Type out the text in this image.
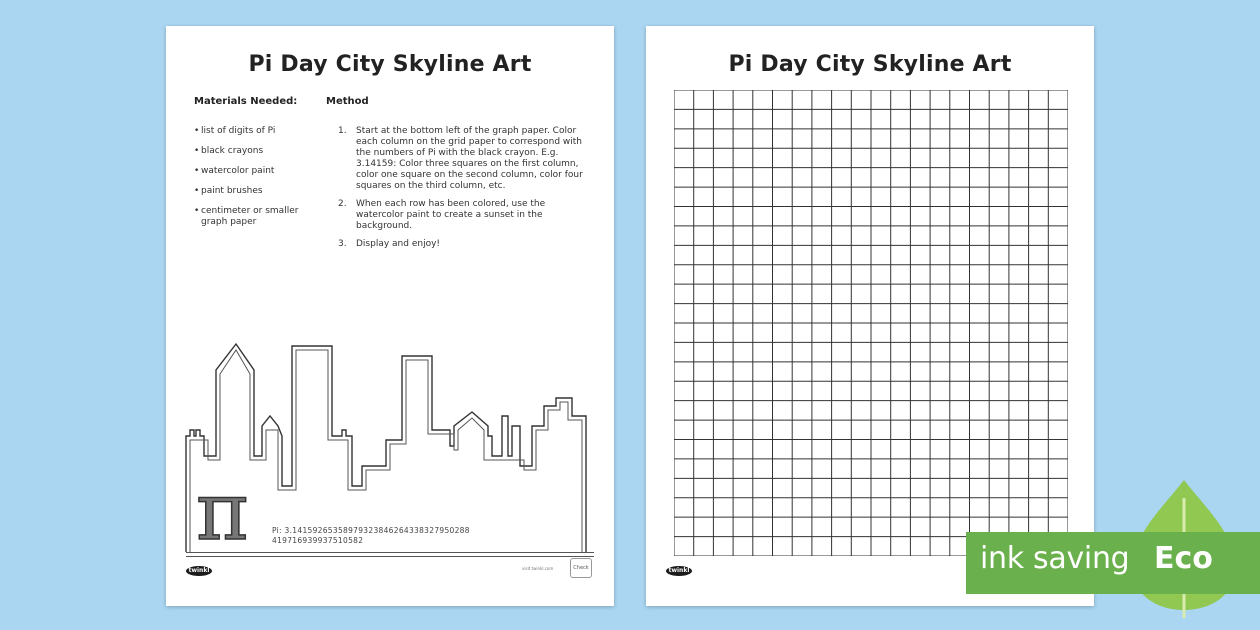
Pi Day City Skyline Art
Materials Needed:	Method
• list of digits of Pi
• black crayons
• watercolor paint
• paint brushes
• centimeter or smaller graph paper
1. Start at the bottom left of the graph paper. Color each column on the grid paper to correspond with the numbers of Pi with the black crayon. E.g. 3.14159: Color three squares on the first column, color one square on the second column, color four squares on the third column, etc.
2. When each row has been colored, use the watercolor paint to create a sunset in the background.
3. Display and enjoy!
π	Pi: 3.14159265358979323846264338327950288419716939937510582
twinkl	visit twinkl.com	Check
Pi Day City Skyline Art
twinkl	ink saving Eco
